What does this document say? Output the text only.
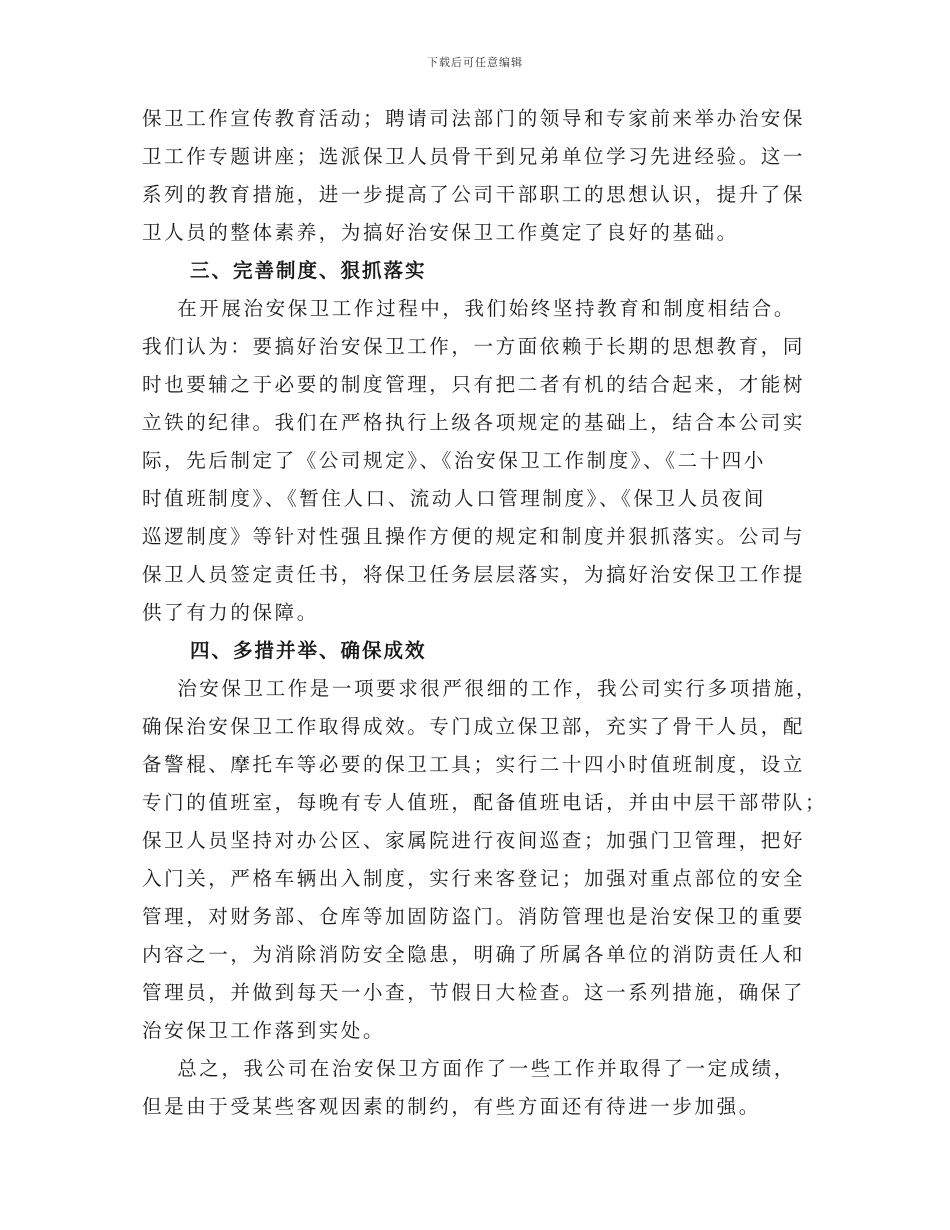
下载后可任意编辑
保卫工作宣传教育活动；聘请司法部门的领导和专家前来举办治安保
卫工作专题讲座；选派保卫人员骨干到兄弟单位学习先进经验。这一
系列的教育措施，进一步提高了公司干部职工的思想认识，提升了保
卫人员的整体素养，为搞好治安保卫工作奠定了良好的基础。
三、完善制度、狠抓落实
在开展治安保卫工作过程中，我们始终坚持教育和制度相结合。
我们认为：要搞好治安保卫工作，一方面依赖于长期的思想教育，同
时也要辅之于必要的制度管理，只有把二者有机的结合起来，才能树
立铁的纪律。我们在严格执行上级各项规定的基础上，结合本公司实
际，先后制定了《公司规定》、《治安保卫工作制度》、《二十四小
时值班制度》、《暂住人口、流动人口管理制度》、《保卫人员夜间
巡逻制度》等针对性强且操作方便的规定和制度并狠抓落实。公司与
保卫人员签定责任书，将保卫任务层层落实，为搞好治安保卫工作提
供了有力的保障。
四、多措并举、确保成效
治安保卫工作是一项要求很严很细的工作，我公司实行多项措施，
确保治安保卫工作取得成效。专门成立保卫部，充实了骨干人员，配
备警棍、摩托车等必要的保卫工具；实行二十四小时值班制度，设立
专门的值班室，每晚有专人值班，配备值班电话，并由中层干部带队；
保卫人员坚持对办公区、家属院进行夜间巡查；加强门卫管理，把好
入门关，严格车辆出入制度，实行来客登记；加强对重点部位的安全
管理，对财务部、仓库等加固防盗门。消防管理也是治安保卫的重要
内容之一，为消除消防安全隐患，明确了所属各单位的消防责任人和
管理员，并做到每天一小查，节假日大检查。这一系列措施，确保了
治安保卫工作落到实处。
总之，我公司在治安保卫方面作了一些工作并取得了一定成绩，
但是由于受某些客观因素的制约，有些方面还有待进一步加强。
